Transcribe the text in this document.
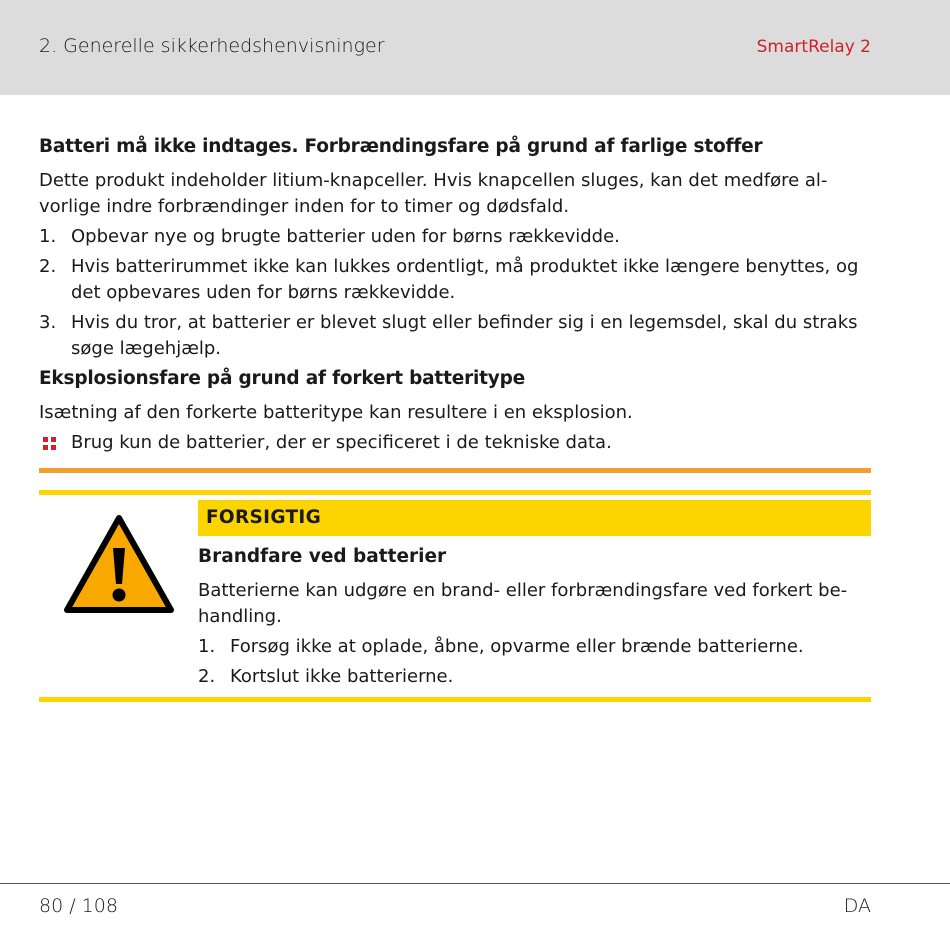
2. Generelle sikkerhedshenvisninger	SmartRelay 2
Batteri må ikke indtages. Forbrændingsfare på grund af farlige stoffer

Dette produkt indeholder litium-knapceller. Hvis knapcellen sluges, kan det medføre al-vorlige indre forbrændinger inden for to timer og dødsfald.

1. Opbevar nye og brugte batterier uden for børns rækkevidde.
2. Hvis batterirummet ikke kan lukkes ordentligt, må produktet ikke længere benyttes, og det opbevares uden for børns rækkevidde.
3. Hvis du tror, at batterier er blevet slugt eller befinder sig i en legemsdel, skal du straks søge lægehjælp.
Eksplosionsfare på grund af forkert batteritype

Isætning af den forkerte batteritype kan resultere i en eksplosion.

Brug kun de batterier, der er specificeret i de tekniske data.
FORSIGTIG
Brandfare ved batterier

Batterierne kan udgøre en brand- eller forbrændingsfare ved forkert be-handling.

1. Forsøg ikke at oplade, åbne, opvarme eller brænde batterierne.
2. Kortslut ikke batterierne.
80 / 108	DA
